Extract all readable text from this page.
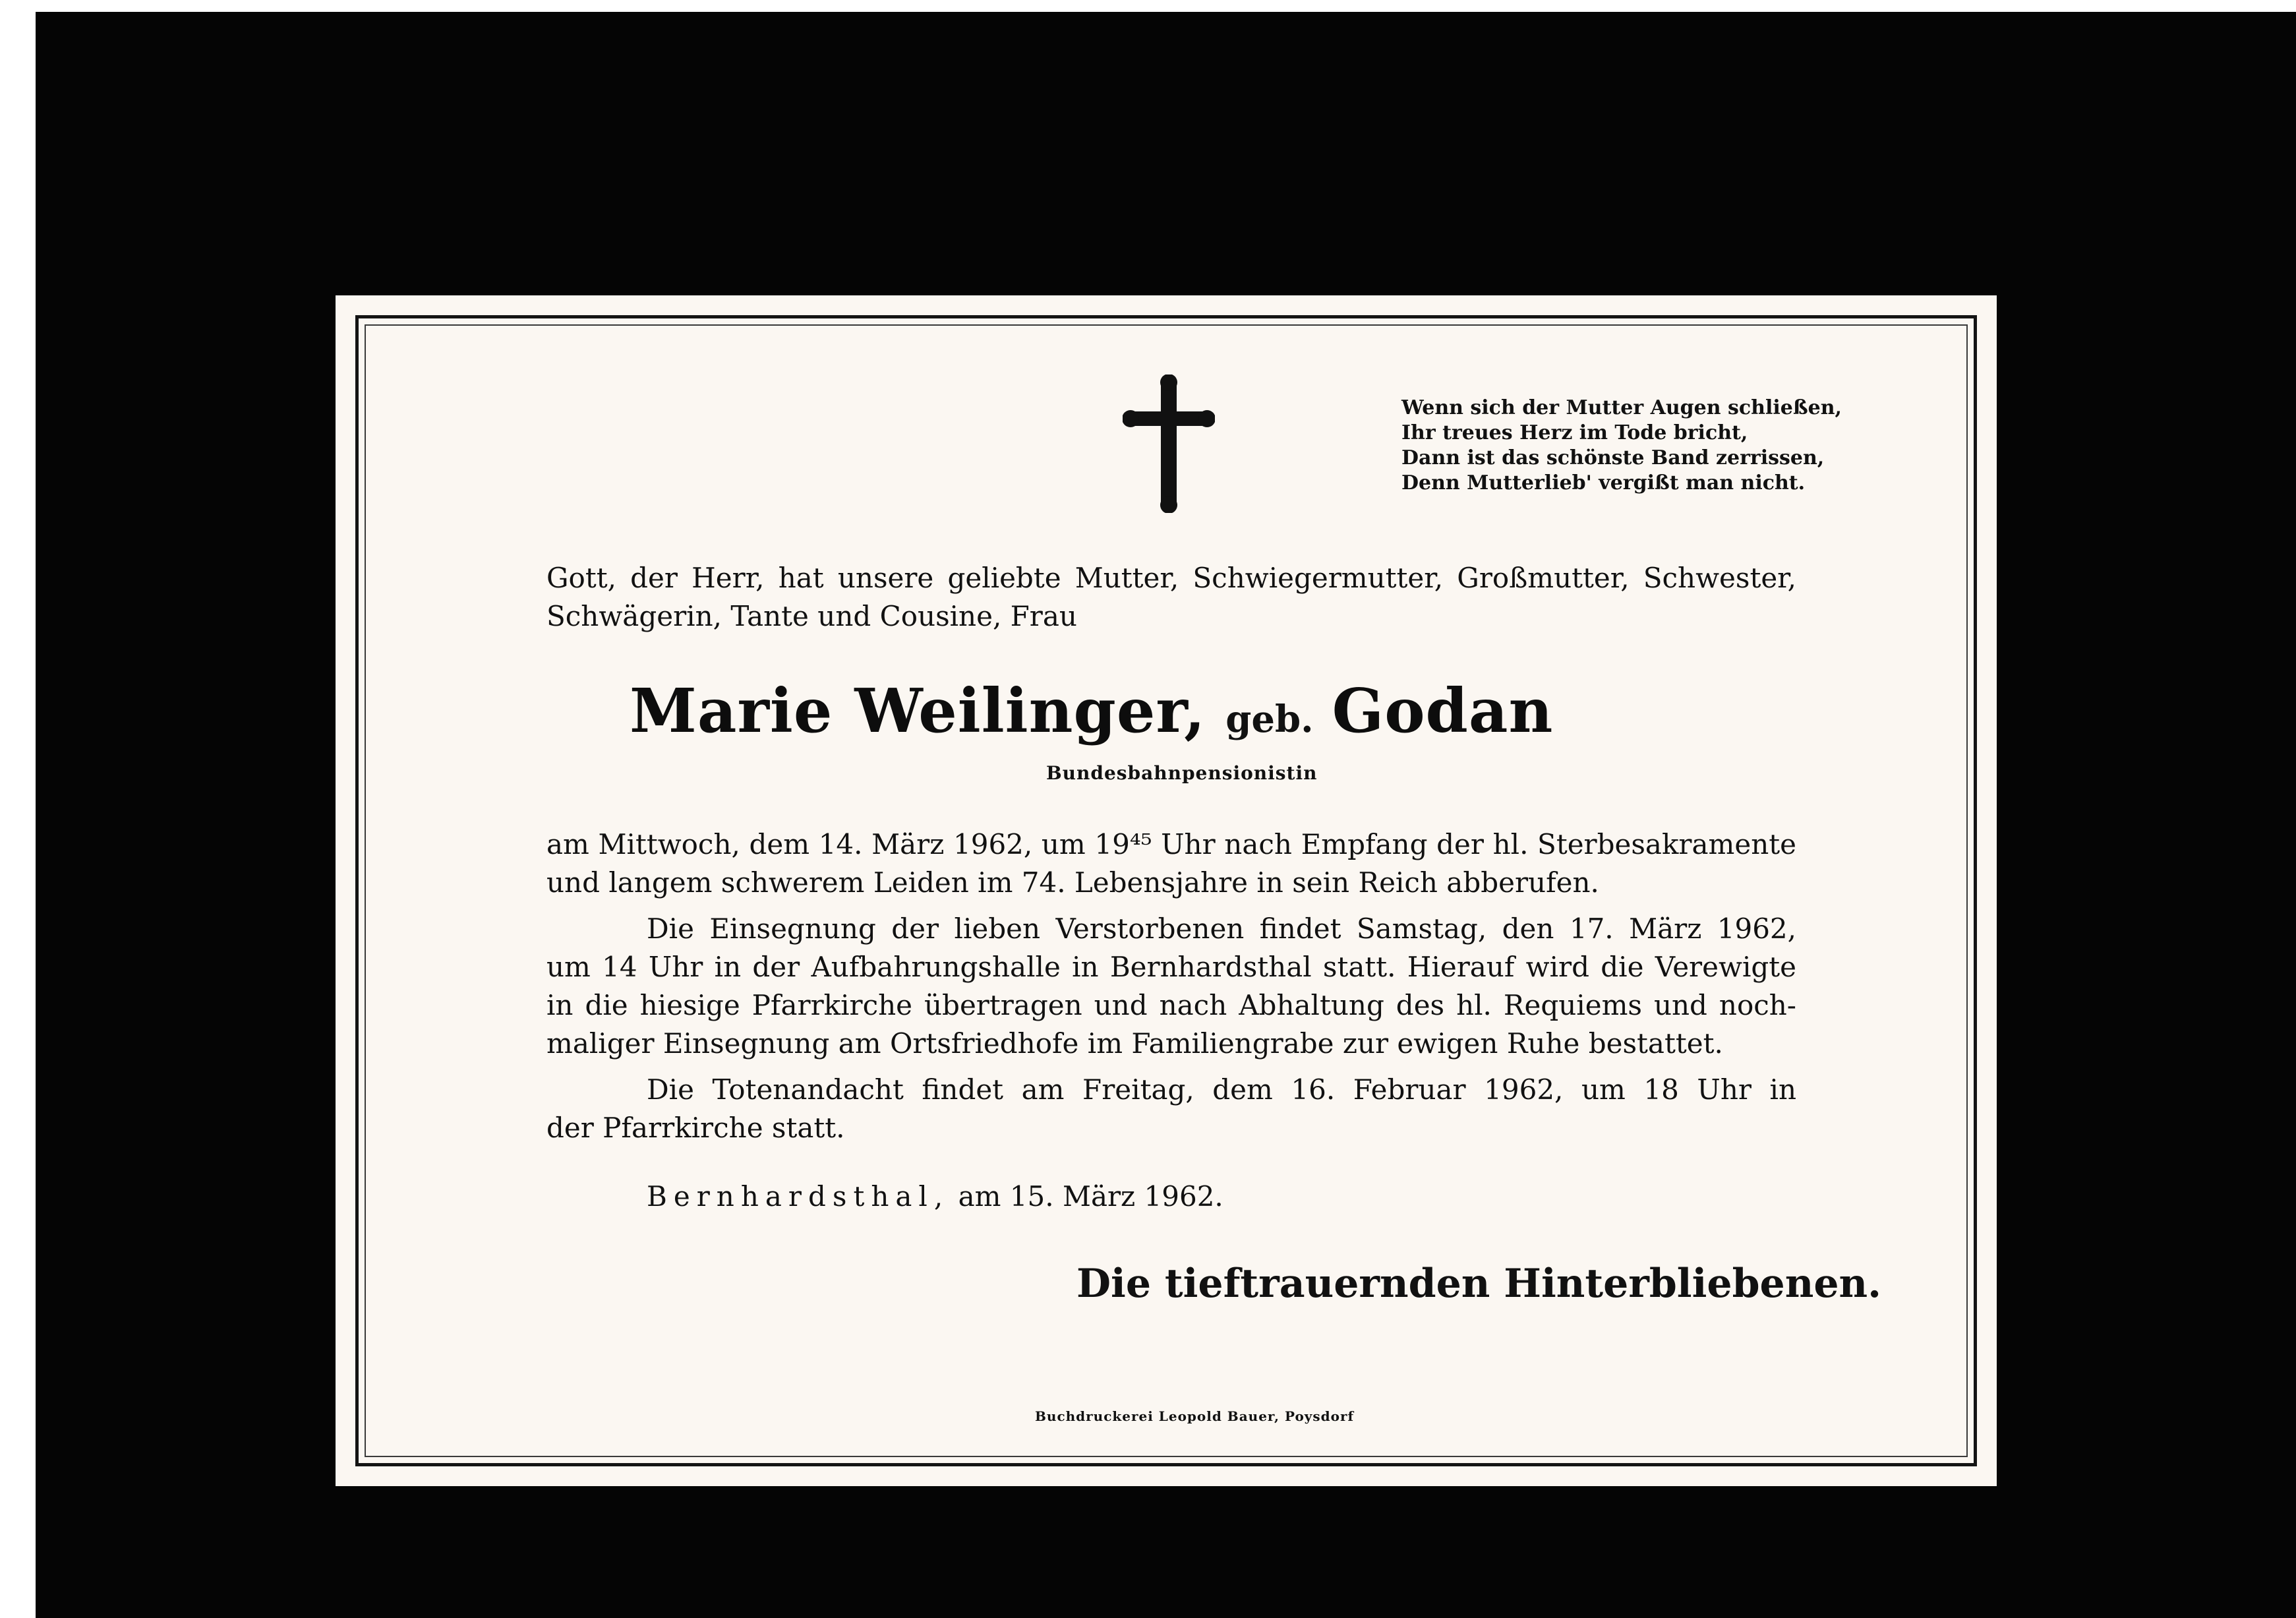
Wenn sich der Mutter Augen schließen,
Ihr treues Herz im Tode bricht,
Dann ist das schönste Band zerrissen,
Denn Mutterlieb' vergißt man nicht.
Gott, der Herr, hat unsere geliebte Mutter, Schwiegermutter, Großmutter, Schwester,
Schwägerin, Tante und Cousine, Frau
Marie Weilinger, geb. Godan
Bundesbahnpensionistin
am Mittwoch, dem 14. März 1962, um 19⁴⁵ Uhr nach Empfang der hl. Sterbesakramente
und langem schwerem Leiden im 74. Lebensjahre in sein Reich abberufen.
Die Einsegnung der lieben Verstorbenen findet Samstag, den 17. März 1962,
um 14 Uhr in der Aufbahrungshalle in Bernhardsthal statt. Hierauf wird die Verewigte
in die hiesige Pfarrkirche übertragen und nach Abhaltung des hl. Requiems und noch-
maliger Einsegnung am Ortsfriedhofe im Familiengrabe zur ewigen Ruhe bestattet.
Die Totenandacht findet am Freitag, dem 16. Februar 1962, um 18 Uhr in
der Pfarrkirche statt.
Bernhardsthal, am 15. März 1962.
Die tieftrauernden Hinterbliebenen.
Buchdruckerei Leopold Bauer, Poysdorf
